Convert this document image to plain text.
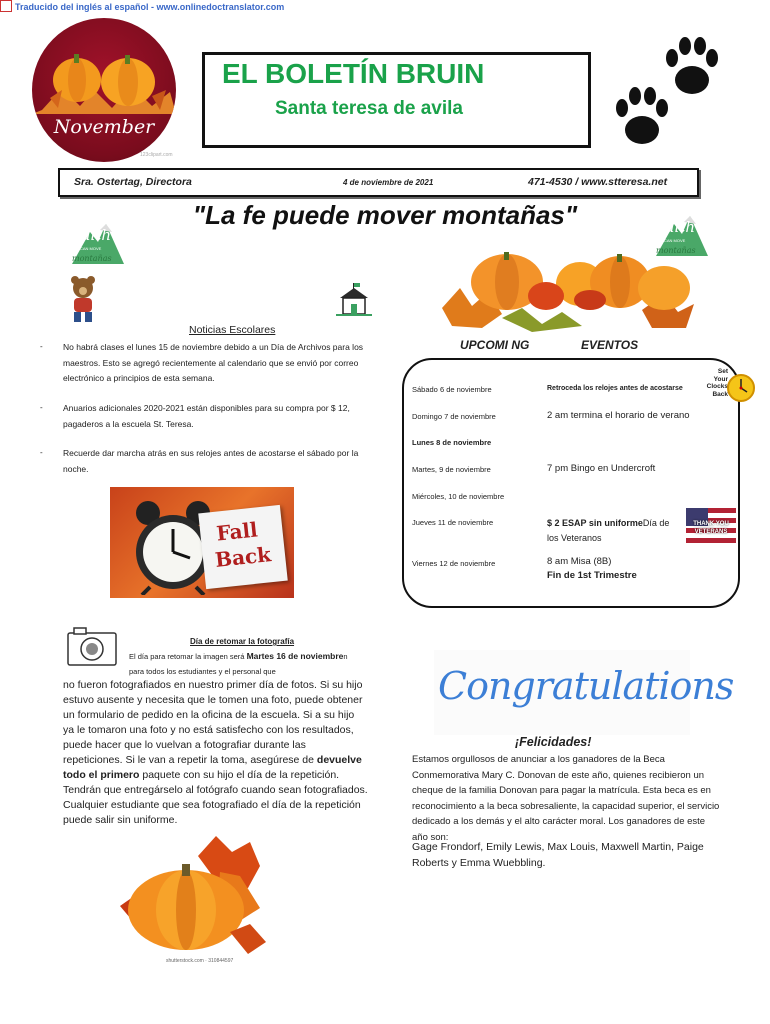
Traducido del inglés al español - www.onlinedoctranslator.com
November
123clipart.com
EL BOLETÍN BRUIN
Santa teresa de avila
Sra. Ostertag, Directora	4 de noviembre de 2021	471-4530 / www.stteresa.net
"La fe puede mover montañas"
faith
CAN MOVE
montañas
faith
CAN MOVE
montañas
Noticias Escolares
- No habrá clases el lunes 15 de noviembre debido a un Día de Archivos para los maestros. Esto se agregó recientemente al calendario que se envió por correo electrónico a principios de esta semana.
- Anuarios adicionales 2020-2021 están disponibles para su compra por $ 12, pagaderos a la escuela St. Teresa.
- Recuerde dar marcha atrás en sus relojes antes de acostarse el sábado por la noche.
Fall
Back
Día de retomar la fotografía
El día para retomar la imagen será Martes 16 de noviembren
para todos los estudiantes y el personal que
no fueron fotografiados en nuestro primer día de fotos. Si su hijo estuvo ausente y necesita que le tomen una foto, puede obtener un formulario de pedido en la oficina de la escuela. Si a su hijo ya le tomaron una foto y no está satisfecho con los resultados, puede hacer que lo vuelvan a fotografiar durante las repeticiones. Si le van a repetir la toma, asegúrese de devuelve todo el primero paquete con su hijo el día de la repetición. Tendrán que entregárselo al fotógrafo cuando sean fotografiados. Cualquier estudiante que sea fotografiado el día de la repetición puede salir sin uniforme.
shutterstock.com · 310844597
UPCOMI NG	EVENTOS
Sábado 6 de noviembre	Retroceda los relojes antes de acostarse
Domingo 7 de noviembre	2 am termina el horario de verano
Lunes 8 de noviembre
Martes, 9 de noviembre	7 pm Bingo en Undercroft
Miércoles, 10 de noviembre
Jueves 11 de noviembre	$ 2 ESAP sin uniformeDía de los Veteranos
Viernes 12 de noviembre	8 am Misa (8B)
Fin de 1st Trimestre
Set Your Clocks Back
THANK YOU VETERANS
Congratulations
¡Felicidades!
Estamos orgullosos de anunciar a los ganadores de la Beca Conmemorativa Mary C. Donovan de este año, quienes recibieron un cheque de la familia Donovan para pagar la matrícula. Esta beca es en reconocimiento a la beca sobresaliente, la capacidad superior, el servicio dedicado a los demás y el alto carácter moral. Los ganadores de este año son:
Gage Frondorf, Emily Lewis, Max Louis, Maxwell Martin, Paige Roberts y Emma Wuebbling.
